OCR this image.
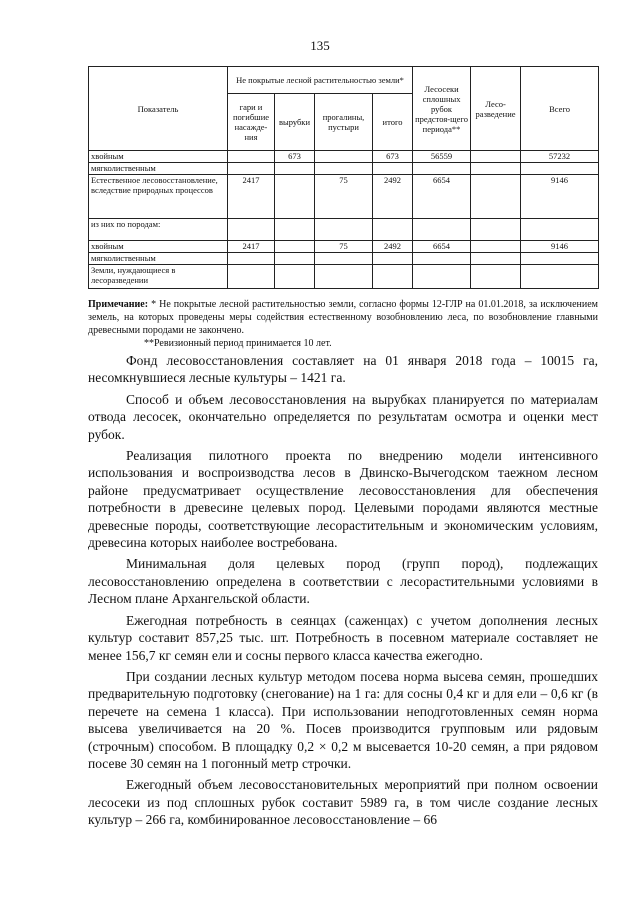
135
Показатель	Не покрытые лесной растительностью земли*				Лесосеки сплошных рубок предстоя-щего периода**	Лесо-разведение	Всего
	гари и погибшие насажде-ния	вырубки	прогалины, пустыри	итого			
хвойным		673		673	56559		57232
мягколиственным							
Естественное лесовосстановление, вследствие природных процессов	2417		75	2492	6654		9146
из них по породам:							
хвойным	2417		75	2492	6654		9146
мягколиственным							
Земли, нуждающиеся в лесоразведении							
Примечание: * Не покрытые лесной растительностью земли, согласно формы 12-ГЛР на 01.01.2018, за исключением земель, на которых проведены меры содействия естественному возобновлению леса, по возобновление главными древесными породами не закончено.
**Ревизионный период принимается 10 лет.

Фонд лесовосстановления составляет на 01 января 2018 года – 10015 га, несомкнувшиеся лесные культуры – 1421 га.

Способ и объем лесовосстановления на вырубках планируется по материалам отвода лесосек, окончательно определяется по результатам осмотра и оценки мест рубок.

Реализация пилотного проекта по внедрению модели интенсивного использования и воспроизводства лесов в Двинско-Вычегодском таежном лесном районе предусматривает осуществление лесовосстановления для обеспечения потребности в древесине целевых пород. Целевыми породами являются местные древесные породы, соответствующие лесорастительным и экономическим условиям, древесина которых наиболее востребована.

Минимальная доля целевых пород (групп пород), подлежащих лесовосстановлению определена в соответствии с лесорастительными условиями в Лесном плане Архангельской области.

Ежегодная потребность в сеянцах (саженцах) с учетом дополнения лесных культур составит 857,25 тыс. шт. Потребность в посевном материале составляет не менее 156,7 кг семян ели и сосны первого класса качества ежегодно.

При создании лесных культур методом посева норма высева семян, прошедших предварительную подготовку (снегование) на 1 га: для сосны 0,4 кг и для ели – 0,6 кг (в перечете на семена 1 класса). При использовании неподготовленных семян норма высева увеличивается на 20 %. Посев производится групповым или рядовым (строчным) способом. В площадку 0,2 × 0,2 м высевается 10-20 семян, а при рядовом посеве 30 семян на 1 погонный метр строчки.

Ежегодный объем лесовосстановительных мероприятий при полном освоении лесосеки из под сплошных рубок составит 5989 га, в том числе создание лесных культур – 266 га, комбинированное лесовосстановление – 66
